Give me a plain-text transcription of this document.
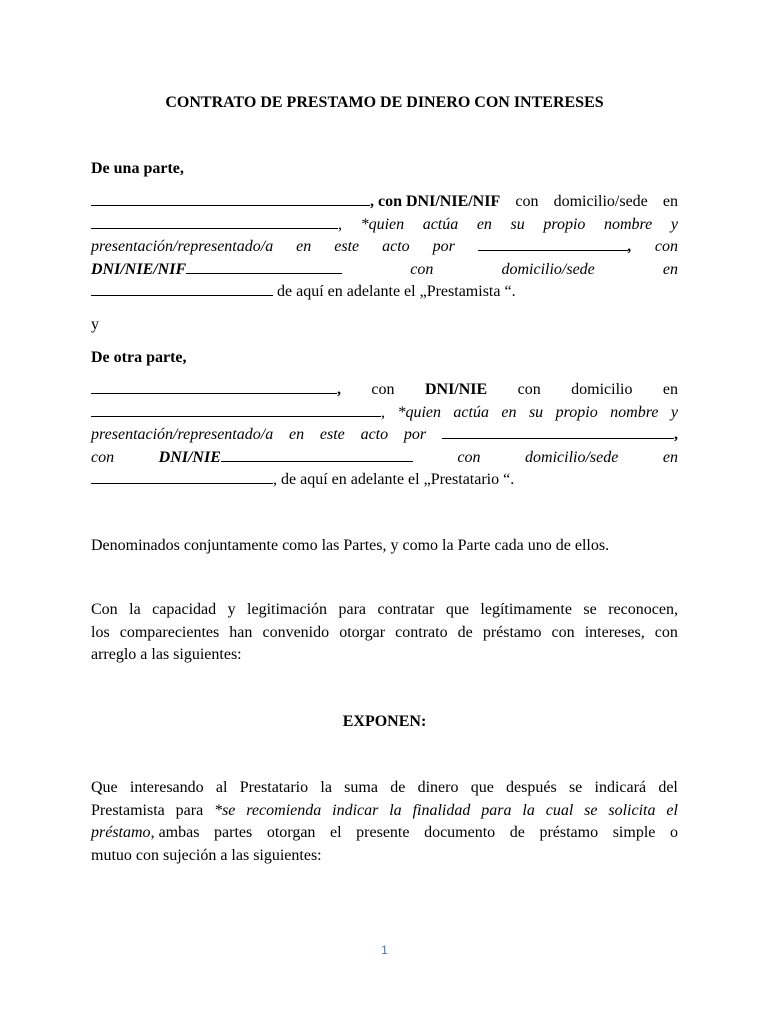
CONTRATO DE PRESTAMO DE DINERO CON INTERESES
De una parte,
, con DNI/NIE/NIF con domicilio/sede en
, *quien actúa en su propio nombre y
presentación/representado/a en este acto por	, con
DNI/NIE/NIF	con	domicilio/sede	en
de aquí en adelante el „Prestamista “.
y
De otra parte,
, con DNI/NIE con domicilio en
, *quien actúa en su propio nombre y
presentación/representado/a en este acto por	,
con	DNI/NIE	con	domicilio/sede	en
, de aquí en adelante el „Prestatario “.
Denominados conjuntamente como las Partes, y como la Parte cada uno de ellos.
Con la capacidad y legitimación para contratar que legítimamente se reconocen,
los comparecientes han convenido otorgar contrato de préstamo con intereses, con
arreglo a las siguientes:
EXPONEN:
Que interesando al Prestatario la suma de dinero que después se indicará del
Prestamista para *se recomienda indicar la finalidad para la cual se solicita el
préstamo, ambas partes otorgan el presente documento de préstamo simple o
mutuo con sujeción a las siguientes:
1
